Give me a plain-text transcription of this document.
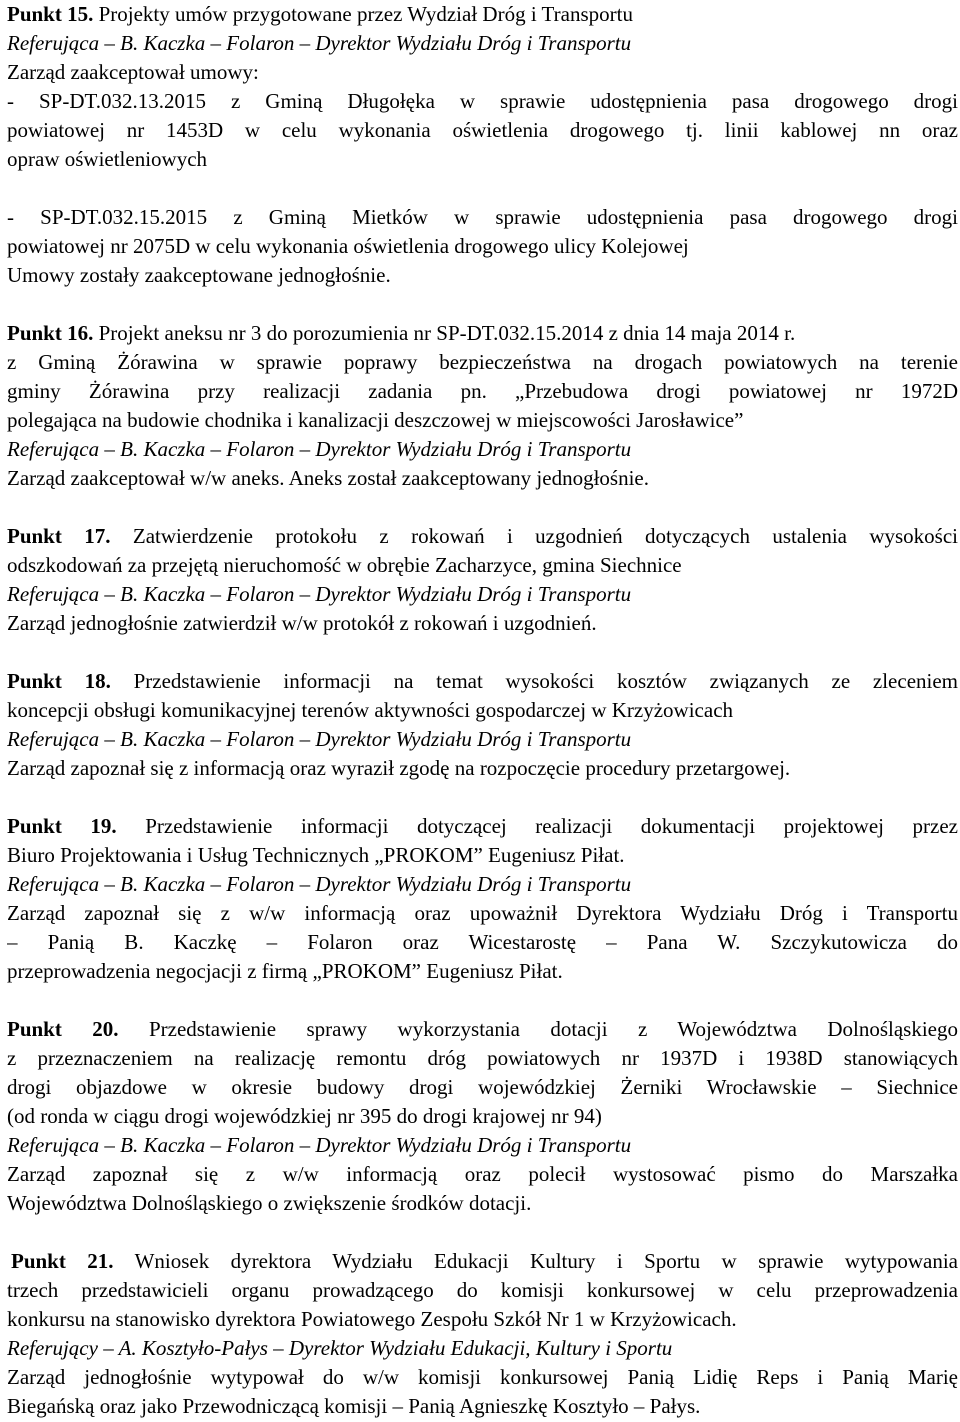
Punkt 15. Projekty umów przygotowane przez Wydział Dróg i Transportu
Referująca – B. Kaczka – Folaron – Dyrektor Wydziału Dróg i Transportu
Zarząd zaakceptował umowy:
- SP-DT.032.13.2015 z Gminą Długołęka w sprawie udostępnienia pasa drogowego drogi
powiatowej nr 1453D w celu wykonania oświetlenia drogowego tj. linii kablowej nn oraz
opraw oświetleniowych
- SP-DT.032.15.2015 z Gminą Mietków w sprawie udostępnienia pasa drogowego drogi
powiatowej nr 2075D w celu wykonania oświetlenia drogowego ulicy Kolejowej
Umowy zostały zaakceptowane jednogłośnie.
Punkt 16. Projekt aneksu nr 3 do porozumienia nr SP-DT.032.15.2014 z dnia 14 maja 2014 r.
z Gminą Żórawina w sprawie poprawy bezpieczeństwa na drogach powiatowych na terenie
gminy Żórawina przy realizacji zadania pn. „Przebudowa drogi powiatowej nr 1972D
polegająca na budowie chodnika i kanalizacji deszczowej w miejscowości Jarosławice”
Referująca – B. Kaczka – Folaron – Dyrektor Wydziału Dróg i Transportu
Zarząd zaakceptował w/w aneks. Aneks został zaakceptowany jednogłośnie.
Punkt 17. Zatwierdzenie protokołu z rokowań i uzgodnień dotyczących ustalenia wysokości
odszkodowań za przejętą nieruchomość w obrębie Zacharzyce, gmina Siechnice
Referująca – B. Kaczka – Folaron – Dyrektor Wydziału Dróg i Transportu
Zarząd jednogłośnie zatwierdził w/w protokół z rokowań i uzgodnień.
Punkt 18. Przedstawienie informacji na temat wysokości kosztów związanych ze zleceniem
koncepcji obsługi komunikacyjnej terenów aktywności gospodarczej w Krzyżowicach
Referująca – B. Kaczka – Folaron – Dyrektor Wydziału Dróg i Transportu
Zarząd zapoznał się z informacją oraz wyraził zgodę na rozpoczęcie procedury przetargowej.
Punkt 19. Przedstawienie informacji dotyczącej realizacji dokumentacji projektowej przez
Biuro Projektowania i Usług Technicznych „PROKOM” Eugeniusz Piłat.
Referująca – B. Kaczka – Folaron – Dyrektor Wydziału Dróg i Transportu
Zarząd zapoznał się z w/w informacją oraz upoważnił Dyrektora Wydziału Dróg i Transportu
– Panią B. Kaczkę – Folaron oraz Wicestarostę – Pana W. Szczykutowicza do
przeprowadzenia negocjacji z firmą „PROKOM” Eugeniusz Piłat.
Punkt 20. Przedstawienie sprawy wykorzystania dotacji z Województwa Dolnośląskiego
z przeznaczeniem na realizację remontu dróg powiatowych nr 1937D i 1938D stanowiących
drogi objazdowe w okresie budowy drogi wojewódzkiej Żerniki Wrocławskie – Siechnice
(od ronda w ciągu drogi wojewódzkiej nr 395 do drogi krajowej nr 94)
Referująca – B. Kaczka – Folaron – Dyrektor Wydziału Dróg i Transportu
Zarząd zapoznał się z w/w informacją oraz polecił wystosować pismo do Marszałka
Województwa Dolnośląskiego o zwiększenie środków dotacji.
Punkt 21. Wniosek dyrektora Wydziału Edukacji Kultury i Sportu w sprawie wytypowania
trzech przedstawicieli organu prowadzącego do komisji konkursowej w celu przeprowadzenia
konkursu na stanowisko dyrektora Powiatowego Zespołu Szkół Nr 1 w Krzyżowicach.
Referujący – A. Kosztyło-Pałys – Dyrektor Wydziału Edukacji, Kultury i Sportu
Zarząd jednogłośnie wytypował do w/w komisji konkursowej Panią Lidię Reps i Panią Marię
Biegańską oraz jako Przewodniczącą komisji – Panią Agnieszkę Kosztyło – Pałys.
